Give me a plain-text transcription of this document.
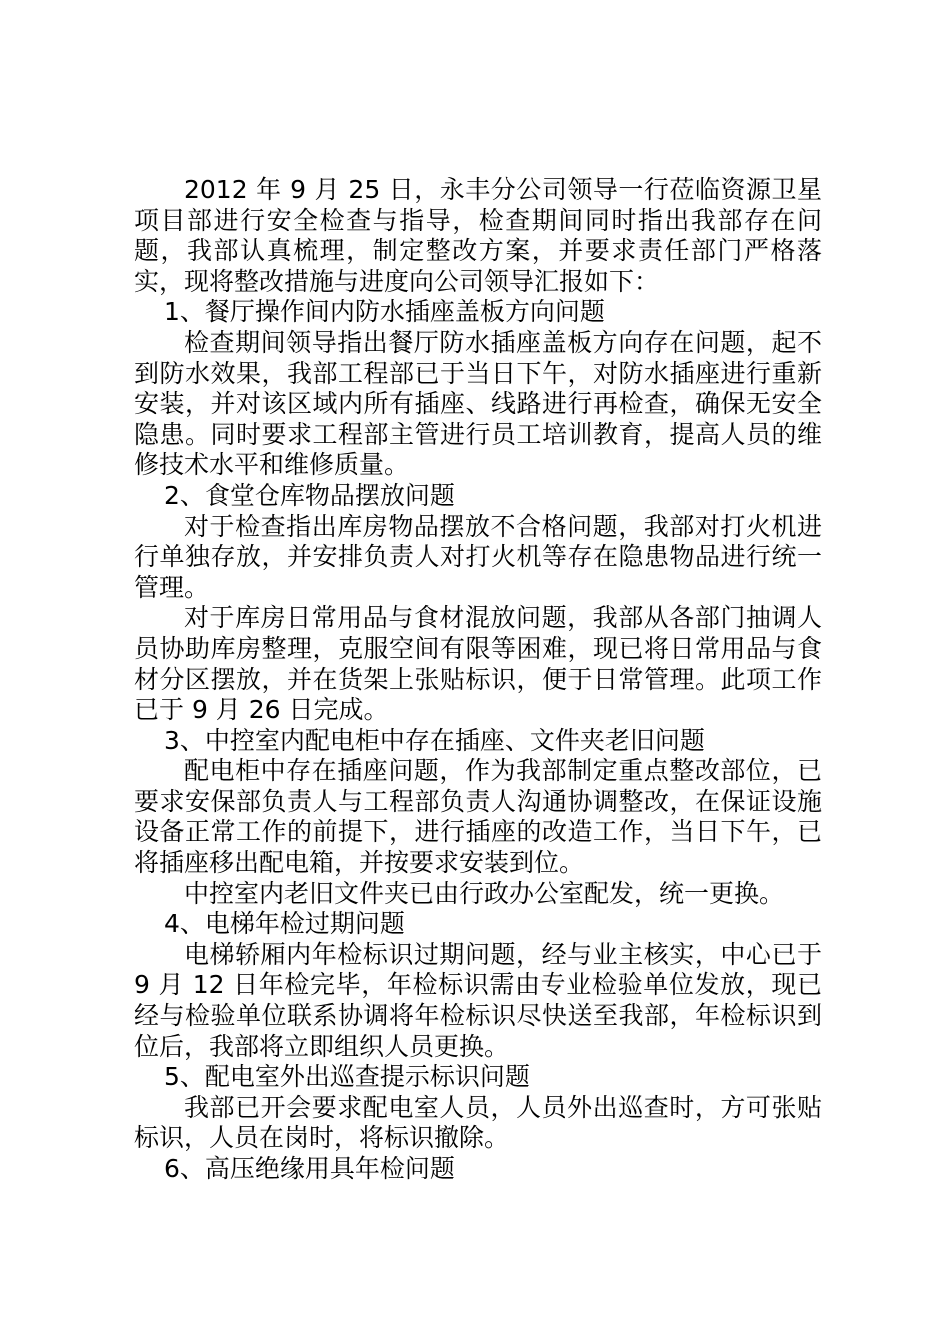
2012 年 9 月 25 日，永丰分公司领导一行莅临资源卫星项目部进行安全检查与指导，检查期间同时指出我部存在问题，我部认真梳理，制定整改方案，并要求责任部门严格落实，现将整改措施与进度向公司领导汇报如下：

1、餐厅操作间内防水插座盖板方向问题

检查期间领导指出餐厅防水插座盖板方向存在问题，起不到防水效果，我部工程部已于当日下午，对防水插座进行重新安装，并对该区域内所有插座、线路进行再检查，确保无安全隐患。同时要求工程部主管进行员工培训教育，提高人员的维修技术水平和维修质量。

2、食堂仓库物品摆放问题

对于检查指出库房物品摆放不合格问题，我部对打火机进行单独存放，并安排负责人对打火机等存在隐患物品进行统一管理。

对于库房日常用品与食材混放问题，我部从各部门抽调人员协助库房整理，克服空间有限等困难，现已将日常用品与食材分区摆放，并在货架上张贴标识，便于日常管理。此项工作已于 9 月 26 日完成。

3、中控室内配电柜中存在插座、文件夹老旧问题

配电柜中存在插座问题，作为我部制定重点整改部位，已要求安保部负责人与工程部负责人沟通协调整改，在保证设施设备正常工作的前提下，进行插座的改造工作，当日下午，已将插座移出配电箱，并按要求安装到位。

中控室内老旧文件夹已由行政办公室配发，统一更换。

4、电梯年检过期问题

电梯轿厢内年检标识过期问题，经与业主核实，中心已于 9 月 12 日年检完毕，年检标识需由专业检验单位发放，现已经与检验单位联系协调将年检标识尽快送至我部，年检标识到位后，我部将立即组织人员更换。

5、配电室外出巡查提示标识问题

我部已开会要求配电室人员，人员外出巡查时，方可张贴标识，人员在岗时，将标识撤除。

6、高压绝缘用具年检问题
